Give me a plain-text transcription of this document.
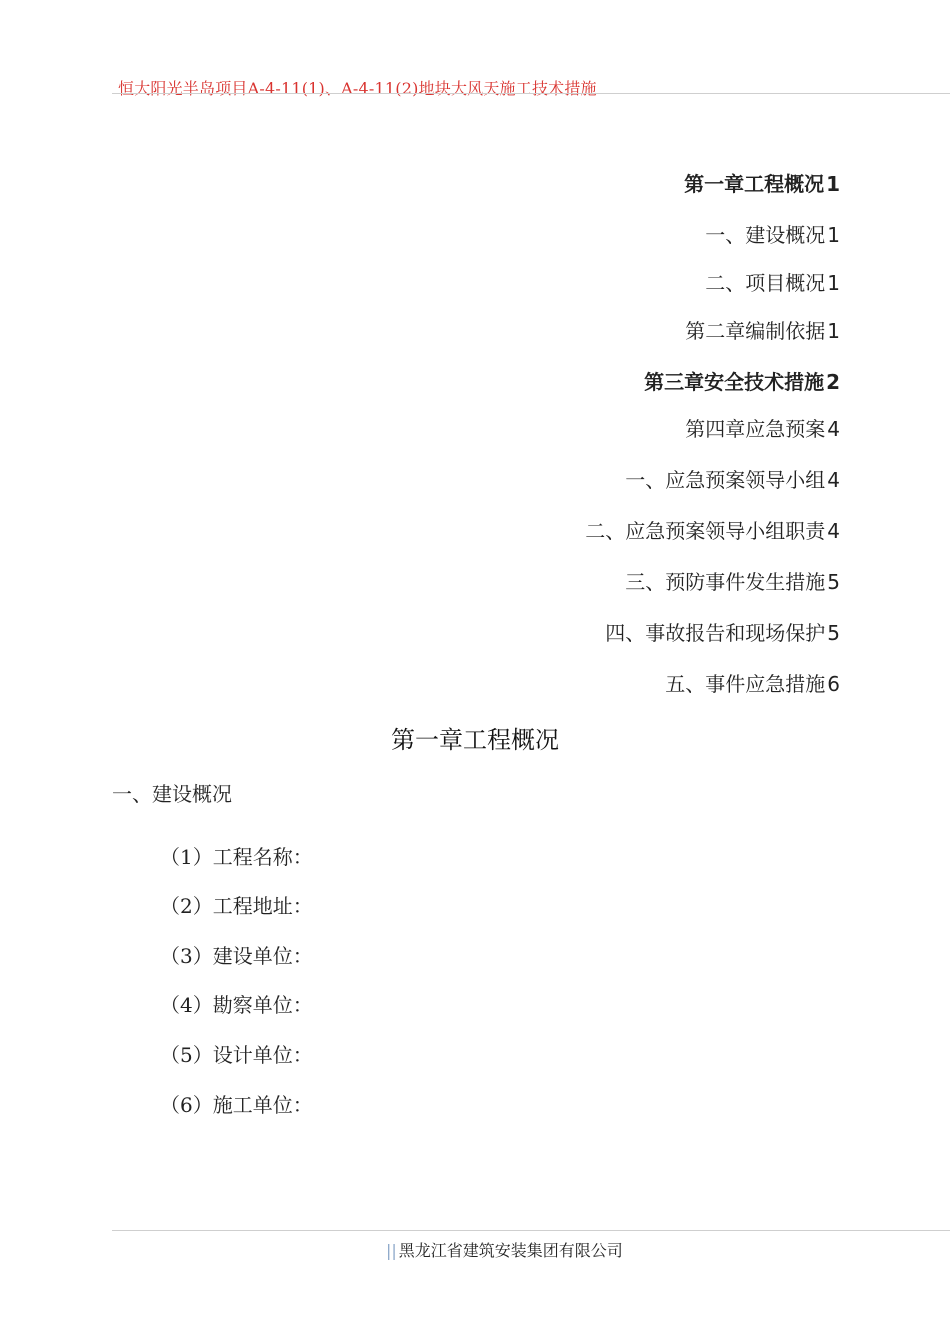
恒大阳光半岛项目A-4-11(1)、A-4-11(2)地块大风天施工技术措施
第一章工程概况 1
一、建设概况 1
二、项目概况 1
第二章编制依据 1
第三章安全技术措施 2
第四章应急预案 4
一、应急预案领导小组 4
二、应急预案领导小组职责 4
三、预防事件发生措施 5
四、事故报告和现场保护 5
五、事件应急措施 6
第一章工程概况
一、建设概况
（1）工程名称：
（2）工程地址：
（3）建设单位：
（4）勘察单位：
（5）设计单位：
（6）施工单位：
|| 黑龙江省建筑安装集团有限公司
